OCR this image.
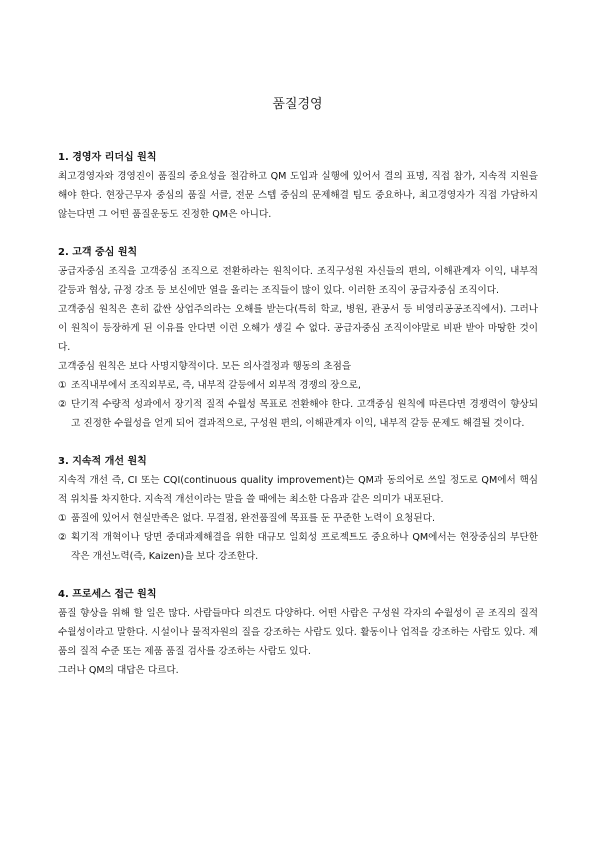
품질경영
1. 경영자 리더십 원칙
최고경영자와 경영진이 품질의 중요성을 절감하고 QM 도입과 실행에 있어서 결의 표명, 직접 참가, 지속적 지원을 해야 한다. 현장근무자 중심의 품질 서클, 전문 스텝 중심의 문제해결 팀도 중요하나, 최고경영자가 직접 가담하지 않는다면 그 어떤 품질운동도 진정한 QM은 아니다.
2. 고객 중심 원칙
공급자중심 조직을 고객중심 조직으로 전환하라는 원칙이다. 조직구성원 자신들의 편의, 이해관계자 이익, 내부적 갈등과 협상, 규정 강조 등 보신에만 열을 올리는 조직들이 많이 있다. 이러한 조직이 공급자중심 조직이다.
고객중심 원칙은 흔히 값싼 상업주의라는 오해를 받는다(특히 학교, 병원, 관공서 등 비영리공공조직에서). 그러나 이 원칙이 등장하게 된 이유를 안다면 이런 오해가 생길 수 없다. 공급자중심 조직이야말로 비판 받아 마땅한 것이다.
고객중심 원칙은 보다 사명지향적이다. 모든 의사결정과 행동의 초점을
① 조직내부에서 조직외부로, 즉, 내부적 갈등에서 외부적 경쟁의 장으로,
② 단기적 수량적 성과에서 장기적 질적 수월성 목표로 전환해야 한다. 고객중심 원칙에 따른다면 경쟁력이 향상되고 진정한 수월성을 얻게 되어 결과적으로, 구성원 편의, 이해관계자 이익, 내부적 갈등 문제도 해결될 것이다.
3. 지속적 개선 원칙
지속적 개선 즉, CI 또는 CQI(continuous quality improvement)는 QM과 동의어로 쓰일 정도로 QM에서 핵심적 위치를 차지한다. 지속적 개선이라는 말을 쓸 때에는 최소한 다음과 같은 의미가 내포된다.
① 품질에 있어서 현실만족은 없다. 무결점, 완전품질에 목표를 둔 꾸준한 노력이 요청된다.
② 획기적 개혁이나 당면 중대과제해결을 위한 대규모 일회성 프로젝트도 중요하나 QM에서는 현장중심의 부단한 작은 개선노력(즉, Kaizen)을 보다 강조한다.
4. 프로세스 접근 원칙
품질 향상을 위해 할 일은 많다. 사람들마다 의견도 다양하다. 어떤 사람은 구성원 각자의 수월성이 곧 조직의 질적 수월성이라고 말한다. 시설이나 물적자원의 질을 강조하는 사람도 있다. 활동이나 업적을 강조하는 사람도 있다. 제품의 질적 수준 또는 제품 품질 검사를 강조하는 사람도 있다.
그러나 QM의 대답은 다르다.
